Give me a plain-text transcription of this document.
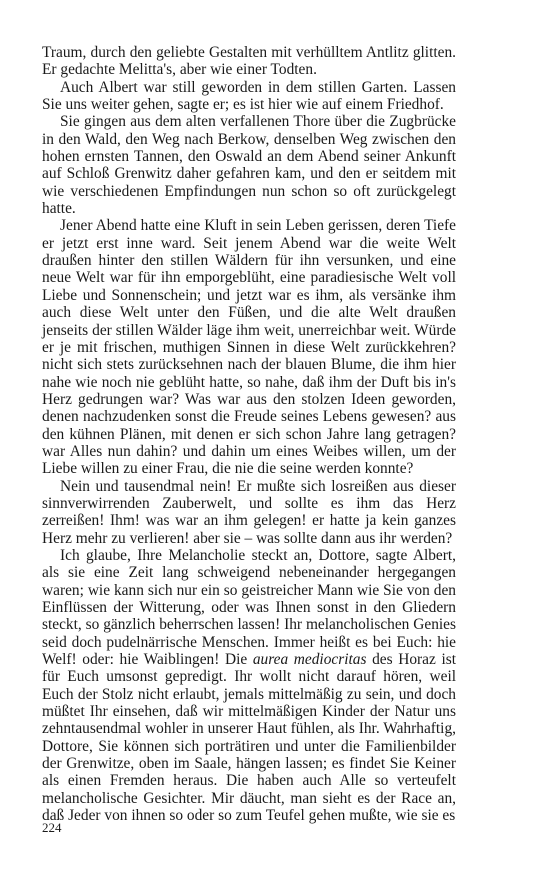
Traum, durch den geliebte Gestalten mit verhülltem Antlitz glitten. Er gedachte Melitta's, aber wie einer Todten.

Auch Albert war still geworden in dem stillen Garten. Lassen Sie uns weiter gehen, sagte er; es ist hier wie auf einem Friedhof.

Sie gingen aus dem alten verfallenen Thore über die Zugbrücke in den Wald, den Weg nach Berkow, denselben Weg zwischen den hohen ernsten Tannen, den Oswald an dem Abend seiner Ankunft auf Schloß Grenwitz daher gefahren kam, und den er seitdem mit wie verschiedenen Empfindungen nun schon so oft zurückgelegt hatte.

Jener Abend hatte eine Kluft in sein Leben gerissen, deren Tiefe er jetzt erst inne ward. Seit jenem Abend war die weite Welt draußen hinter den stillen Wäldern für ihn versunken, und eine neue Welt war für ihn emporgeblüht, eine paradiesische Welt voll Liebe und Sonnenschein; und jetzt war es ihm, als versänke ihm auch diese Welt unter den Füßen, und die alte Welt draußen jenseits der stillen Wälder läge ihm weit, unerreichbar weit. Würde er je mit frischen, muthigen Sinnen in diese Welt zurückkehren? nicht sich stets zurücksehnen nach der blauen Blume, die ihm hier nahe wie noch nie geblüht hatte, so nahe, daß ihm der Duft bis in's Herz gedrungen war? Was war aus den stolzen Ideen geworden, denen nachzudenken sonst die Freude seines Lebens gewesen? aus den kühnen Plänen, mit denen er sich schon Jahre lang getragen? war Alles nun dahin? und dahin um eines Weibes willen, um der Liebe willen zu einer Frau, die nie die seine werden konnte?

Nein und tausendmal nein! Er mußte sich losreißen aus dieser sinnverwirrenden Zauberwelt, und sollte es ihm das Herz zerreißen! Ihm! was war an ihm gelegen! er hatte ja kein ganzes Herz mehr zu verlieren! aber sie – was sollte dann aus ihr werden?

Ich glaube, Ihre Melancholie steckt an, Dottore, sagte Albert, als sie eine Zeit lang schweigend nebeneinander hergegangen waren; wie kann sich nur ein so geistreicher Mann wie Sie von den Einflüssen der Witterung, oder was Ihnen sonst in den Gliedern steckt, so gänzlich beherrschen lassen! Ihr melancholischen Genies seid doch pudelnärrische Menschen. Immer heißt es bei Euch: hie Welf! oder: hie Waiblingen! Die aurea mediocritas des Horaz ist für Euch umsonst gepredigt. Ihr wollt nicht darauf hören, weil Euch der Stolz nicht erlaubt, jemals mittelmäßig zu sein, und doch müßtet Ihr einsehen, daß wir mittelmäßigen Kinder der Natur uns zehntausendmal wohler in unserer Haut fühlen, als Ihr. Wahrhaftig, Dottore, Sie können sich porträtiren und unter die Familienbilder der Grenwitze, oben im Saale, hängen lassen; es findet Sie Keiner als einen Fremden heraus. Die haben auch Alle so verteufelt melancholische Gesichter. Mir däucht, man sieht es der Race an, daß Jeder von ihnen so oder so zum Teufel gehen mußte, wie sie es

224
